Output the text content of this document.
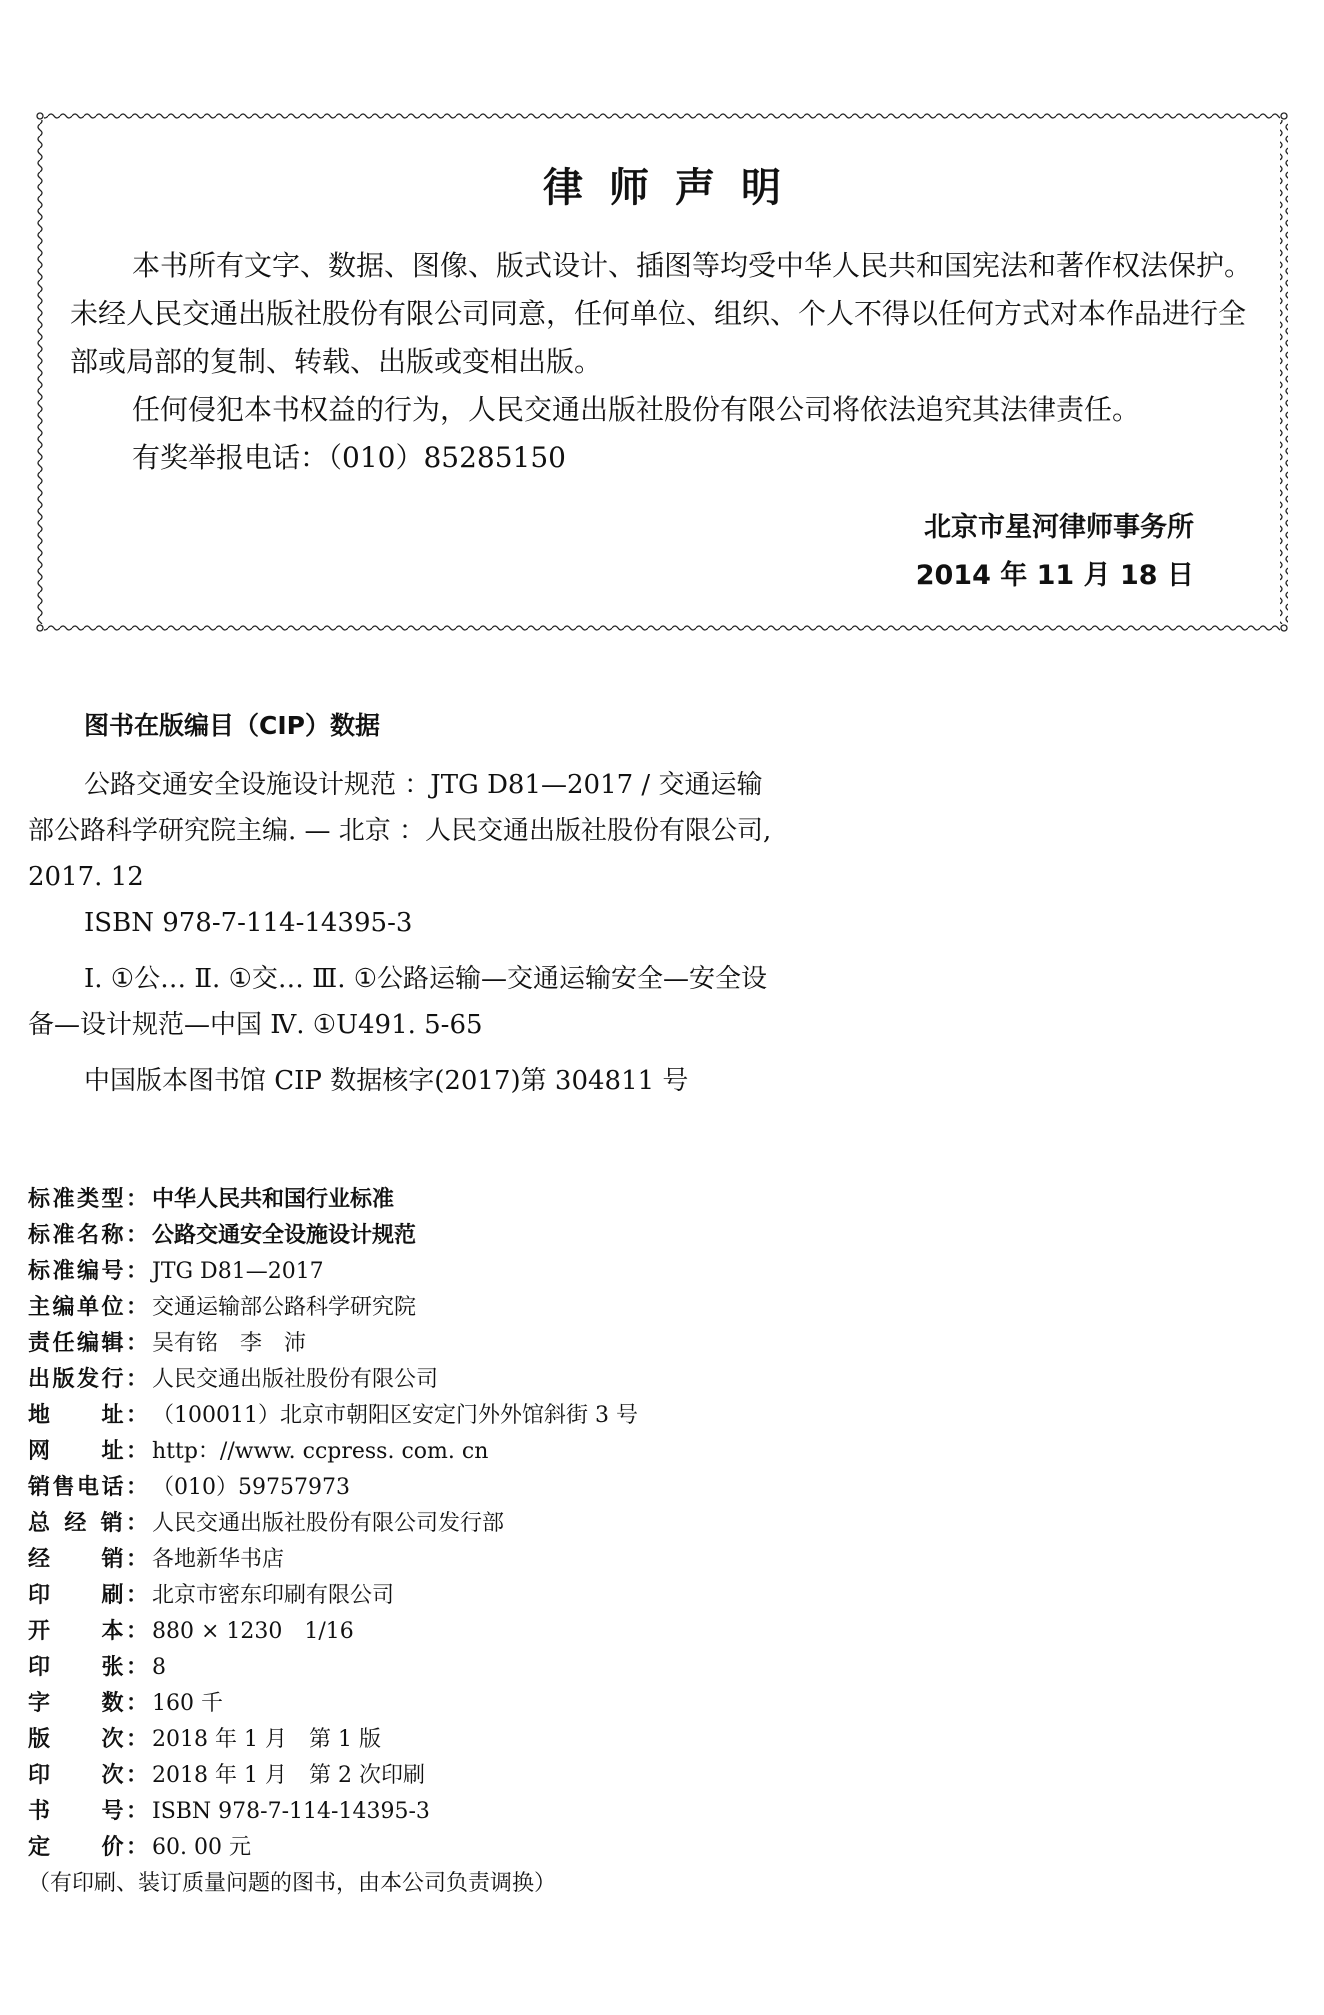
律师声明

本书所有文字、数据、图像、版式设计、插图等均受中华人民共和国宪法和著作权法保护。未经人民交通出版社股份有限公司同意，任何单位、组织、个人不得以任何方式对本作品进行全部或局部的复制、转载、出版或变相出版。

任何侵犯本书权益的行为，人民交通出版社股份有限公司将依法追究其法律责任。

有奖举报电话：（010）85285150

北京市星河律师事务所
2014 年 11 月 18 日
图书在版编目（CIP）数据

公路交通安全设施设计规范 ：JTG D81—2017 / 交通运输部公路科学研究院主编. — 北京 ：人民交通出版社股份有限公司, 2017. 12

ISBN 978-7-114-14395-3

Ⅰ. ①公… Ⅱ. ①交… Ⅲ. ①公路运输—交通运输安全—安全设备—设计规范—中国 Ⅳ. ①U491. 5-65

中国版本图书馆 CIP 数据核字(2017)第 304811 号

标准类型： 中华人民共和国行业标准
标准名称： 公路交通安全设施设计规范
标准编号： JTG D81—2017
主编单位： 交通运输部公路科学研究院
责任编辑： 吴有铭　李　沛
出版发行： 人民交通出版社股份有限公司
地　　址： （100011）北京市朝阳区安定门外外馆斜街 3 号
网　　址： http：//www. ccpress. com. cn
销售电话： （010）59757973
总 经 销： 人民交通出版社股份有限公司发行部
经　　销： 各地新华书店
印　　刷： 北京市密东印刷有限公司
开　　本： 880 × 1230　1/16
印　　张： 8
字　　数： 160 千
版　　次： 2018 年 1 月　第 1 版
印　　次： 2018 年 1 月　第 2 次印刷
书　　号： ISBN 978-7-114-14395-3
定　　价： 60. 00 元
（有印刷、装订质量问题的图书，由本公司负责调换）
